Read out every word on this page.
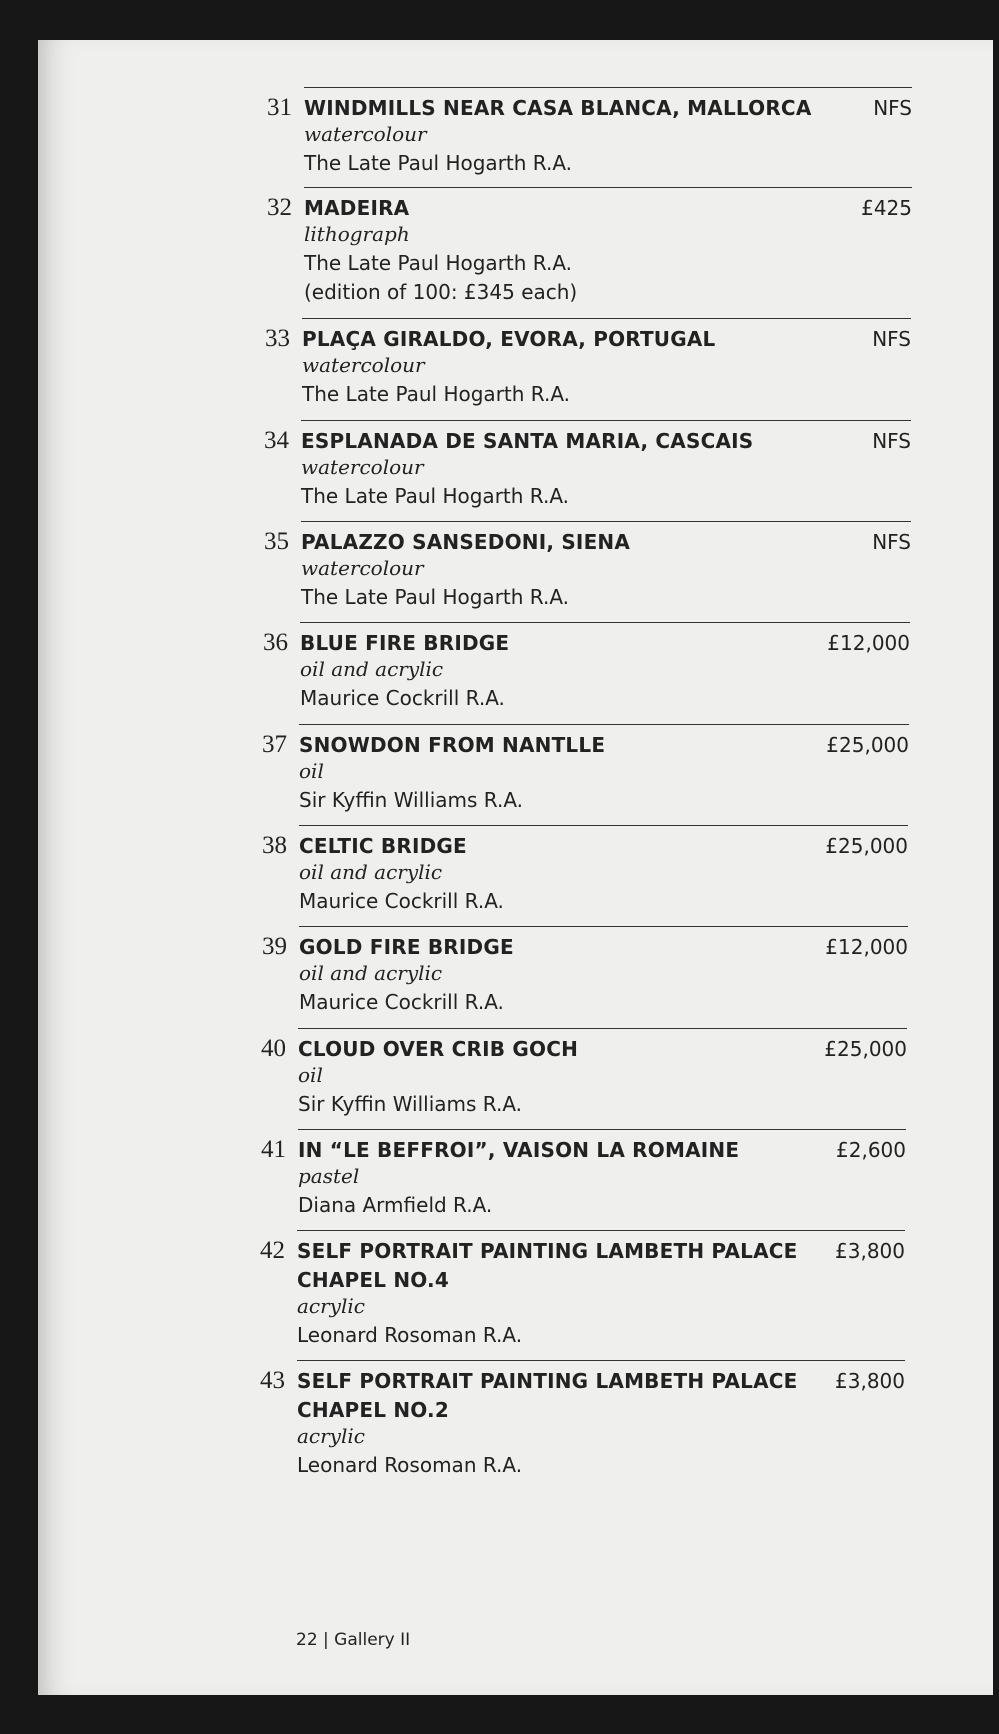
31 WINDMILLS NEAR CASA BLANCA, MALLORCA
watercolour
The Late Paul Hogarth R.A.
NFS
32 MADEIRA
lithograph
The Late Paul Hogarth R.A.
(edition of 100: £345 each)
£425
33 PLAÇA GIRALDO, EVORA, PORTUGAL
watercolour
The Late Paul Hogarth R.A.
NFS
34 ESPLANADA DE SANTA MARIA, CASCAIS
watercolour
The Late Paul Hogarth R.A.
NFS
35 PALAZZO SANSEDONI, SIENA
watercolour
The Late Paul Hogarth R.A.
NFS
36 BLUE FIRE BRIDGE
oil and acrylic
Maurice Cockrill R.A.
£12,000
37 SNOWDON FROM NANTLLE
oil
Sir Kyffin Williams R.A.
£25,000
38 CELTIC BRIDGE
oil and acrylic
Maurice Cockrill R.A.
£25,000
39 GOLD FIRE BRIDGE
oil and acrylic
Maurice Cockrill R.A.
£12,000
40 CLOUD OVER CRIB GOCH
oil
Sir Kyffin Williams R.A.
£25,000
41 IN “LE BEFFROI”, VAISON LA ROMAINE
pastel
Diana Armfield R.A.
£2,600
42 SELF PORTRAIT PAINTING LAMBETH PALACE CHAPEL NO.4
acrylic
Leonard Rosoman R.A.
£3,800
43 SELF PORTRAIT PAINTING LAMBETH PALACE CHAPEL NO.2
acrylic
Leonard Rosoman R.A.
£3,800
22 | Gallery II
